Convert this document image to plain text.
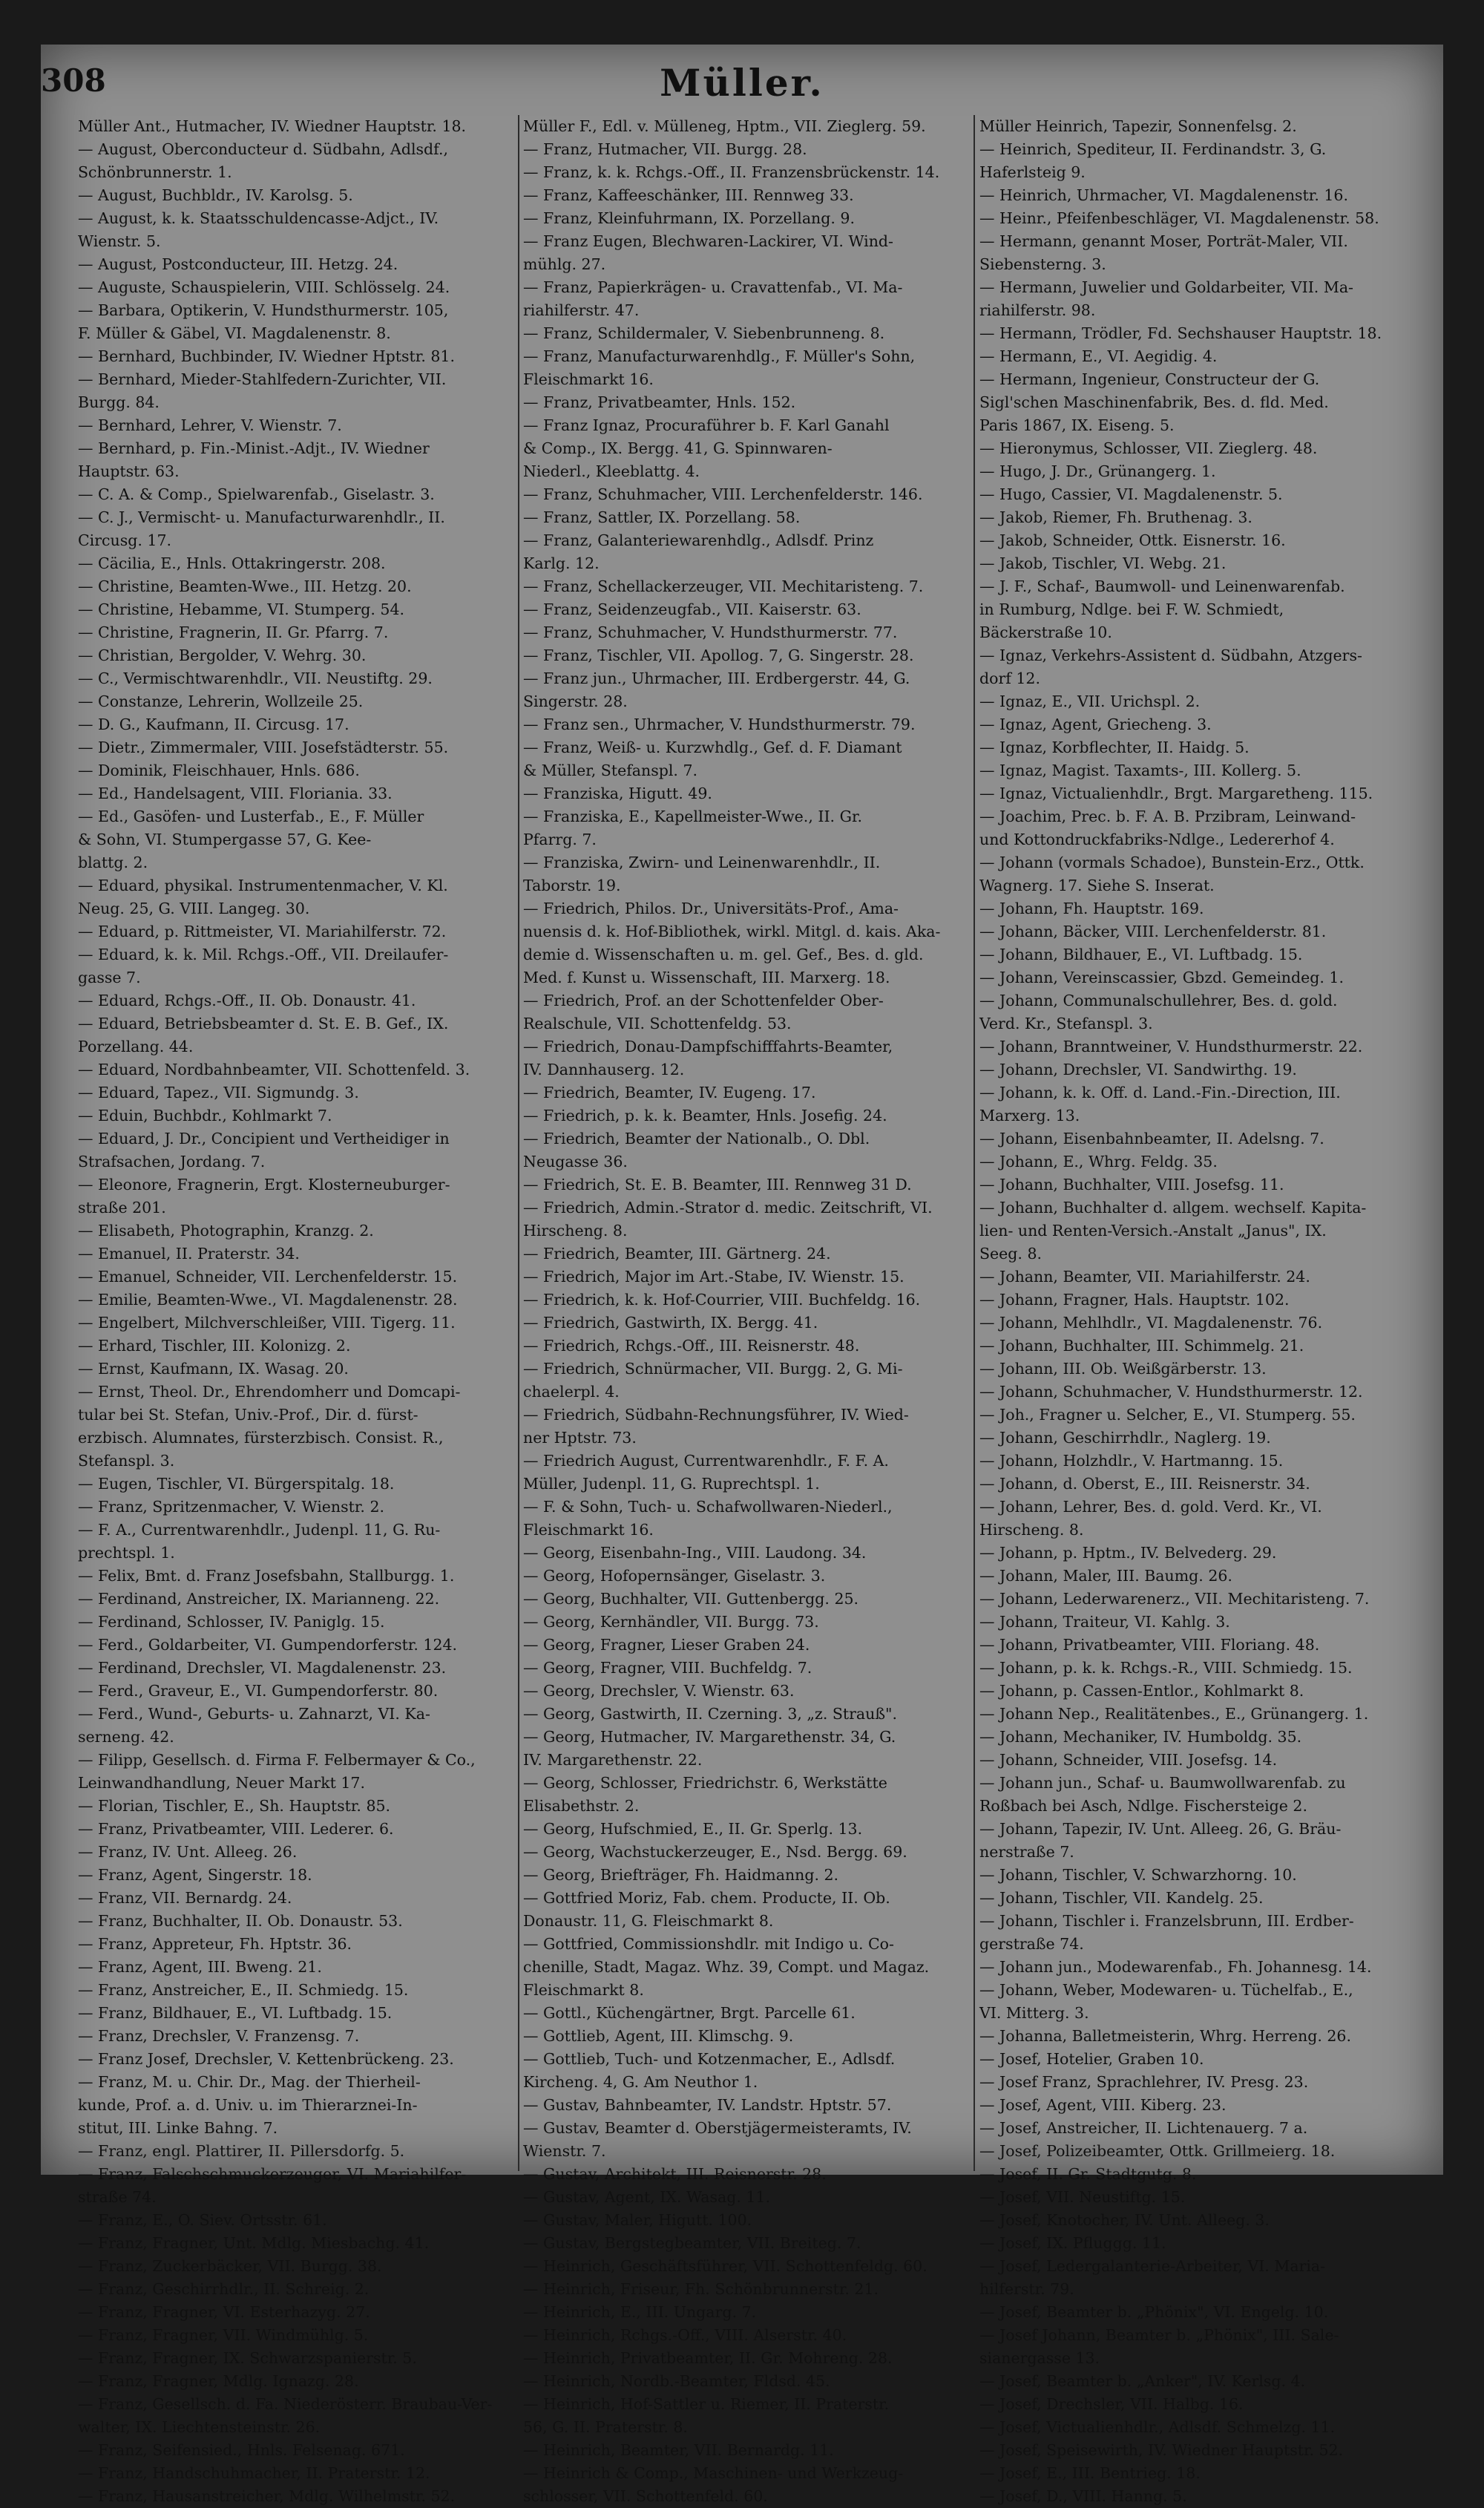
308	Müller.
Müller Ant., Hutmacher, IV. Wiedner Hauptstr. 18.
— August, Oberconducteur d. Südbahn, Adlsdf.,
Schönbrunnerstr. 1.
— August, Buchbldr., IV. Karolsg. 5.
— August, k. k. Staatsschuldencasse-Adjct., IV.
Wienstr. 5.
— August, Postconducteur, III. Hetzg. 24.
— Auguste, Schauspielerin, VIII. Schlösselg. 24.
— Barbara, Optikerin, V. Hundsthurmerstr. 105,
F. Müller & Gäbel, VI. Magdalenenstr. 8.
— Bernhard, Buchbinder, IV. Wiedner Hptstr. 81.
— Bernhard, Mieder-Stahlfedern-Zurichter, VII.
Burgg. 84.
— Bernhard, Lehrer, V. Wienstr. 7.
— Bernhard, p. Fin.-Minist.-Adjt., IV. Wiedner
Hauptstr. 63.
— C. A. & Comp., Spielwarenfab., Giselastr. 3.
— C. J., Vermischt- u. Manufacturwarenhdlr., II.
Circusg. 17.
— Cäcilia, E., Hnls. Ottakringerstr. 208.
— Christine, Beamten-Wwe., III. Hetzg. 20.
— Christine, Hebamme, VI. Stumperg. 54.
— Christine, Fragnerin, II. Gr. Pfarrg. 7.
— Christian, Bergolder, V. Wehrg. 30.
— C., Vermischtwarenhdlr., VII. Neustiftg. 29.
— Constanze, Lehrerin, Wollzeile 25.
— D. G., Kaufmann, II. Circusg. 17.
— Dietr., Zimmermaler, VIII. Josefstädterstr. 55.
— Dominik, Fleischhauer, Hnls. 686.
— Ed., Handelsagent, VIII. Floriania. 33.
— Ed., Gasöfen- und Lusterfab., E., F. Müller
& Sohn, VI. Stumpergasse 57, G. Kee-
blattg. 2.
— Eduard, physikal. Instrumentenmacher, V. Kl.
Neug. 25, G. VIII. Langeg. 30.
— Eduard, p. Rittmeister, VI. Mariahilferstr. 72.
— Eduard, k. k. Mil. Rchgs.-Off., VII. Dreilaufer-
gasse 7.
— Eduard, Rchgs.-Off., II. Ob. Donaustr. 41.
— Eduard, Betriebsbeamter d. St. E. B. Gef., IX.
Porzellang. 44.
— Eduard, Nordbahnbeamter, VII. Schottenfeld. 3.
— Eduard, Tapez., VII. Sigmundg. 3.
— Eduin, Buchbdr., Kohlmarkt 7.
— Eduard, J. Dr., Concipient und Vertheidiger in
Strafsachen, Jordang. 7.
— Eleonore, Fragnerin, Ergt. Klosterneuburger-
straße 201.
— Elisabeth, Photographin, Kranzg. 2.
— Emanuel, II. Praterstr. 34.
— Emanuel, Schneider, VII. Lerchenfelderstr. 15.
— Emilie, Beamten-Wwe., VI. Magdalenenstr. 28.
— Engelbert, Milchverschleißer, VIII. Tigerg. 11.
— Erhard, Tischler, III. Kolonizg. 2.
— Ernst, Kaufmann, IX. Wasag. 20.
— Ernst, Theol. Dr., Ehrendomherr und Domcapi-
tular bei St. Stefan, Univ.-Prof., Dir. d. fürst-
erzbisch. Alumnates, fürsterzbisch. Consist. R.,
Stefanspl. 3.
— Eugen, Tischler, VI. Bürgerspitalg. 18.
— Franz, Spritzenmacher, V. Wienstr. 2.
— F. A., Currentwarenhdlr., Judenpl. 11, G. Ru-
prechtspl. 1.
— Felix, Bmt. d. Franz Josefsbahn, Stallburgg. 1.
— Ferdinand, Anstreicher, IX. Marianneng. 22.
— Ferdinand, Schlosser, IV. Paniglg. 15.
— Ferd., Goldarbeiter, VI. Gumpendorferstr. 124.
— Ferdinand, Drechsler, VI. Magdalenenstr. 23.
— Ferd., Graveur, E., VI. Gumpendorferstr. 80.
— Ferd., Wund-, Geburts- u. Zahnarzt, VI. Ka-
serneng. 42.
— Filipp, Gesellsch. d. Firma F. Felbermayer & Co.,
Leinwandhandlung, Neuer Markt 17.
— Florian, Tischler, E., Sh. Hauptstr. 85.
— Franz, Privatbeamter, VIII. Lederer. 6.
— Franz, IV. Unt. Alleeg. 26.
— Franz, Agent, Singerstr. 18.
— Franz, VII. Bernardg. 24.
— Franz, Buchhalter, II. Ob. Donaustr. 53.
— Franz, Appreteur, Fh. Hptstr. 36.
— Franz, Agent, III. Bweng. 21.
— Franz, Anstreicher, E., II. Schmiedg. 15.
— Franz, Bildhauer, E., VI. Luftbadg. 15.
— Franz, Drechsler, V. Franzensg. 7.
— Franz Josef, Drechsler, V. Kettenbrückeng. 23.
— Franz, M. u. Chir. Dr., Mag. der Thierheil-
kunde, Prof. a. d. Univ. u. im Thierarznei-In-
stitut, III. Linke Bahng. 7.
— Franz, engl. Plattirer, II. Pillersdorfg. 5.
— Franz, Falschschmuckerzeuger, VI. Mariahilfer-
straße 74.
— Franz, E., O. Siev. Ortsstr. 61.
— Franz, Fragner, Unt. Mdlg. Miesbachg. 41.
— Franz, Zuckerbäcker, VII. Burgg. 38.
— Franz, Geschirrhdlr., II. Schreig. 2.
— Franz, Fragner, VI. Esterhazyg. 27.
— Franz, Fragner, VII. Windmühlg. 5.
— Franz, Fragner, IX. Schwarzspanierstr. 5.
— Franz, Fragner, Mdlg. Ignazg. 28.
— Franz, Gesellsch. d. Fa. Niederösterr. Braubau-Ver-
walter, IX. Liechtensteinstr. 26.
— Franz, Seifensied., Hnls. Felsenag. 671.
— Franz, Handschuhmacher, II. Praterstr. 12.
— Franz, Hausanstreicher, Mdlg. Wilhelmstr. 52.
Müller F., Edl. v. Mülleneg, Hptm., VII. Zieglerg. 59.
— Franz, Hutmacher, VII. Burgg. 28.
— Franz, k. k. Rchgs.-Off., II. Franzensbrückenstr. 14.
— Franz, Kaffeeschänker, III. Rennweg 33.
— Franz, Kleinfuhrmann, IX. Porzellang. 9.
— Franz Eugen, Blechwaren-Lackirer, VI. Wind-
mühlg. 27.
— Franz, Papierkrägen- u. Cravattenfab., VI. Ma-
riahilferstr. 47.
— Franz, Schildermaler, V. Siebenbrunneng. 8.
— Franz, Manufacturwarenhdlg., F. Müller's Sohn,
Fleischmarkt 16.
— Franz, Privatbeamter, Hnls. 152.
— Franz Ignaz, Procuraführer b. F. Karl Ganahl
& Comp., IX. Bergg. 41, G. Spinnwaren-
Niederl., Kleeblattg. 4.
— Franz, Schuhmacher, VIII. Lerchenfelderstr. 146.
— Franz, Sattler, IX. Porzellang. 58.
— Franz, Galanteriewarenhdlg., Adlsdf. Prinz
Karlg. 12.
— Franz, Schellackerzeuger, VII. Mechitaristeng. 7.
— Franz, Seidenzeugfab., VII. Kaiserstr. 63.
— Franz, Schuhmacher, V. Hundsthurmerstr. 77.
— Franz, Tischler, VII. Apollog. 7, G. Singerstr. 28.
— Franz jun., Uhrmacher, III. Erdbergerstr. 44, G.
Singerstr. 28.
— Franz sen., Uhrmacher, V. Hundsthurmerstr. 79.
— Franz, Weiß- u. Kurzwhdlg., Gef. d. F. Diamant
& Müller, Stefanspl. 7.
— Franziska, Higutt. 49.
— Franziska, E., Kapellmeister-Wwe., II. Gr.
Pfarrg. 7.
— Franziska, Zwirn- und Leinenwarenhdlr., II.
Taborstr. 19.
— Friedrich, Philos. Dr., Universitäts-Prof., Ama-
nuensis d. k. Hof-Bibliothek, wirkl. Mitgl. d. kais. Aka-
demie d. Wissenschaften u. m. gel. Gef., Bes. d. gld.
Med. f. Kunst u. Wissenschaft, III. Marxerg. 18.
— Friedrich, Prof. an der Schottenfelder Ober-
Realschule, VII. Schottenfeldg. 53.
— Friedrich, Donau-Dampfschifffahrts-Beamter,
IV. Dannhauserg. 12.
— Friedrich, Beamter, IV. Eugeng. 17.
— Friedrich, p. k. k. Beamter, Hnls. Josefig. 24.
— Friedrich, Beamter der Nationalb., O. Dbl.
Neugasse 36.
— Friedrich, St. E. B. Beamter, III. Rennweg 31 D.
— Friedrich, Admin.-Strator d. medic. Zeitschrift, VI.
Hirscheng. 8.
— Friedrich, Beamter, III. Gärtnerg. 24.
— Friedrich, Major im Art.-Stabe, IV. Wienstr. 15.
— Friedrich, k. k. Hof-Courrier, VIII. Buchfeldg. 16.
— Friedrich, Gastwirth, IX. Bergg. 41.
— Friedrich, Rchgs.-Off., III. Reisnerstr. 48.
— Friedrich, Schnürmacher, VII. Burgg. 2, G. Mi-
chaelerpl. 4.
— Friedrich, Südbahn-Rechnungsführer, IV. Wied-
ner Hptstr. 73.
— Friedrich August, Currentwarenhdlr., F. F. A.
Müller, Judenpl. 11, G. Ruprechtspl. 1.
— F. & Sohn, Tuch- u. Schafwollwaren-Niederl.,
Fleischmarkt 16.
— Georg, Eisenbahn-Ing., VIII. Laudong. 34.
— Georg, Hofopernsänger, Giselastr. 3.
— Georg, Buchhalter, VII. Guttenbergg. 25.
— Georg, Kernhändler, VII. Burgg. 73.
— Georg, Fragner, Lieser Graben 24.
— Georg, Fragner, VIII. Buchfeldg. 7.
— Georg, Drechsler, V. Wienstr. 63.
— Georg, Gastwirth, II. Czerning. 3, „z. Strauß".
— Georg, Hutmacher, IV. Margarethenstr. 34, G.
IV. Margarethenstr. 22.
— Georg, Schlosser, Friedrichstr. 6, Werkstätte
Elisabethstr. 2.
— Georg, Hufschmied, E., II. Gr. Sperlg. 13.
— Georg, Wachstuckerzeuger, E., Nsd. Bergg. 69.
— Georg, Briefträger, Fh. Haidmanng. 2.
— Gottfried Moriz, Fab. chem. Producte, II. Ob.
Donaustr. 11, G. Fleischmarkt 8.
— Gottfried, Commissionshdlr. mit Indigo u. Co-
chenille, Stadt, Magaz. Whz. 39, Compt. und Magaz.
Fleischmarkt 8.
— Gottl., Küchengärtner, Brgt. Parcelle 61.
— Gottlieb, Agent, III. Klimschg. 9.
— Gottlieb, Tuch- und Kotzenmacher, E., Adlsdf.
Kircheng. 4, G. Am Neuthor 1.
— Gustav, Bahnbeamter, IV. Landstr. Hptstr. 57.
— Gustav, Beamter d. Oberstjägermeisteramts, IV.
Wienstr. 7.
— Gustav, Architekt, III. Reisnerstr. 28.
— Gustav, Agent, IX. Wasag. 11.
— Gustav, Maler, Higutt. 100.
— Gustav, Bergstegbeamter, VII. Breiteg. 7.
— Heinrich, Geschäftsführer, VII. Schottenfeldg. 60.
— Heinrich, Friseur, Fh. Schönbrunnerstr. 21.
— Heinrich, E., III. Ungarg. 7.
— Heinrich, Rchgs.-Off., VIII. Alserstr. 40.
— Heinrich, Privatbeamter, II. Gr. Mohreng. 28.
— Heinrich, Nordb.-Beamter, Fldsd. 45.
— Heinrich, Hof-Sattler u. Riemer, II. Praterstr.
56, G. II. Praterstr. 8.
— Heinrich, Beamter, VII. Bernardg. 11.
— Heinrich & Comp., Maschinen- und Werkzeug-
schlosser, VII. Schottenfeld. 60.
Müller Heinrich, Tapezir, Sonnenfelsg. 2.
— Heinrich, Spediteur, II. Ferdinandstr. 3, G.
Haferlsteig 9.
— Heinrich, Uhrmacher, VI. Magdalenenstr. 16.
— Heinr., Pfeifenbeschläger, VI. Magdalenenstr. 58.
— Hermann, genannt Moser, Porträt-Maler, VII.
Siebensterng. 3.
— Hermann, Juwelier und Goldarbeiter, VII. Ma-
riahilferstr. 98.
— Hermann, Trödler, Fd. Sechshauser Hauptstr. 18.
— Hermann, E., VI. Aegidig. 4.
— Hermann, Ingenieur, Constructeur der G.
Sigl'schen Maschinenfabrik, Bes. d. fld. Med.
Paris 1867, IX. Eiseng. 5.
— Hieronymus, Schlosser, VII. Zieglerg. 48.
— Hugo, J. Dr., Grünangerg. 1.
— Hugo, Cassier, VI. Magdalenenstr. 5.
— Jakob, Riemer, Fh. Bruthenag. 3.
— Jakob, Schneider, Ottk. Eisnerstr. 16.
— Jakob, Tischler, VI. Webg. 21.
— J. F., Schaf-, Baumwoll- und Leinenwarenfab.
in Rumburg, Ndlge. bei F. W. Schmiedt,
Bäckerstraße 10.
— Ignaz, Verkehrs-Assistent d. Südbahn, Atzgers-
dorf 12.
— Ignaz, E., VII. Urichspl. 2.
— Ignaz, Agent, Griecheng. 3.
— Ignaz, Korbflechter, II. Haidg. 5.
— Ignaz, Magist. Taxamts-, III. Kollerg. 5.
— Ignaz, Victualienhdlr., Brgt. Margaretheng. 115.
— Joachim, Prec. b. F. A. B. Przibram, Leinwand-
und Kottondruckfabriks-Ndlge., Ledererhof 4.
— Johann (vormals Schadoe), Bunstein-Erz., Ottk.
Wagnerg. 17. Siehe S. Inserat.
— Johann, Fh. Hauptstr. 169.
— Johann, Bäcker, VIII. Lerchenfelderstr. 81.
— Johann, Bildhauer, E., VI. Luftbadg. 15.
— Johann, Vereinscassier, Gbzd. Gemeindeg. 1.
— Johann, Communalschullehrer, Bes. d. gold.
Verd. Kr., Stefanspl. 3.
— Johann, Branntweiner, V. Hundsthurmerstr. 22.
— Johann, Drechsler, VI. Sandwirthg. 19.
— Johann, k. k. Off. d. Land.-Fin.-Direction, III.
Marxerg. 13.
— Johann, Eisenbahnbeamter, II. Adelsng. 7.
— Johann, E., Whrg. Feldg. 35.
— Johann, Buchhalter, VIII. Josefsg. 11.
— Johann, Buchhalter d. allgem. wechself. Kapita-
lien- und Renten-Versich.-Anstalt „Janus", IX.
Seeg. 8.
— Johann, Beamter, VII. Mariahilferstr. 24.
— Johann, Fragner, Hals. Hauptstr. 102.
— Johann, Mehlhdlr., VI. Magdalenenstr. 76.
— Johann, Buchhalter, III. Schimmelg. 21.
— Johann, III. Ob. Weißgärberstr. 13.
— Johann, Schuhmacher, V. Hundsthurmerstr. 12.
— Joh., Fragner u. Selcher, E., VI. Stumperg. 55.
— Johann, Geschirrhdlr., Naglerg. 19.
— Johann, Holzhdlr., V. Hartmanng. 15.
— Johann, d. Oberst, E., III. Reisnerstr. 34.
— Johann, Lehrer, Bes. d. gold. Verd. Kr., VI.
Hirscheng. 8.
— Johann, p. Hptm., IV. Belvederg. 29.
— Johann, Maler, III. Baumg. 26.
— Johann, Lederwarenerz., VII. Mechitaristeng. 7.
— Johann, Traiteur, VI. Kahlg. 3.
— Johann, Privatbeamter, VIII. Floriang. 48.
— Johann, p. k. k. Rchgs.-R., VIII. Schmiedg. 15.
— Johann, p. Cassen-Entlor., Kohlmarkt 8.
— Johann Nep., Realitätenbes., E., Grünangerg. 1.
— Johann, Mechaniker, IV. Humboldg. 35.
— Johann, Schneider, VIII. Josefsg. 14.
— Johann jun., Schaf- u. Baumwollwarenfab. zu
Roßbach bei Asch, Ndlge. Fischersteige 2.
— Johann, Tapezir, IV. Unt. Alleeg. 26, G. Bräu-
nerstraße 7.
— Johann, Tischler, V. Schwarzhorng. 10.
— Johann, Tischler, VII. Kandelg. 25.
— Johann, Tischler i. Franzelsbrunn, III. Erdber-
gerstraße 74.
— Johann jun., Modewarenfab., Fh. Johannesg. 14.
— Johann, Weber, Modewaren- u. Tüchelfab., E.,
VI. Mitterg. 3.
— Johanna, Balletmeisterin, Whrg. Herreng. 26.
— Josef, Hotelier, Graben 10.
— Josef Franz, Sprachlehrer, IV. Presg. 23.
— Josef, Agent, VIII. Kiberg. 23.
— Josef, Anstreicher, II. Lichtenauerg. 7 a.
— Josef, Polizeibeamter, Ottk. Grillmeierg. 18.
— Josef, II. Gr. Stadtgutg. 8.
— Josef, VII. Neustiftg. 15.
— Josef, Knotocher, IV. Unt. Alleeg. 3.
— Josef, IX. Pfluggg. 11.
— Josef, Ledergalanterie-Arbeiter, VI. Maria-
hilferstr. 79.
— Josef, Beamter b. „Phönix", VI. Engelg. 10.
— Josef Johann, Beamter b. „Phönix", III. Sale-
sianergasse 13.
— Josef, Beamter b. „Anker", IV. Kerlsg. 4.
— Josef, Drechsler, VII. Halbg. 16.
— Josef, Victualienhdlr., Adlsdf. Schmelzg. 11.
— Josef, Speisewirth, IV. Wiedner Hauptstr. 52.
— Josef, E., III. Bentrieg. 18.
— Josef, D., VIII. Hanng. 5.
